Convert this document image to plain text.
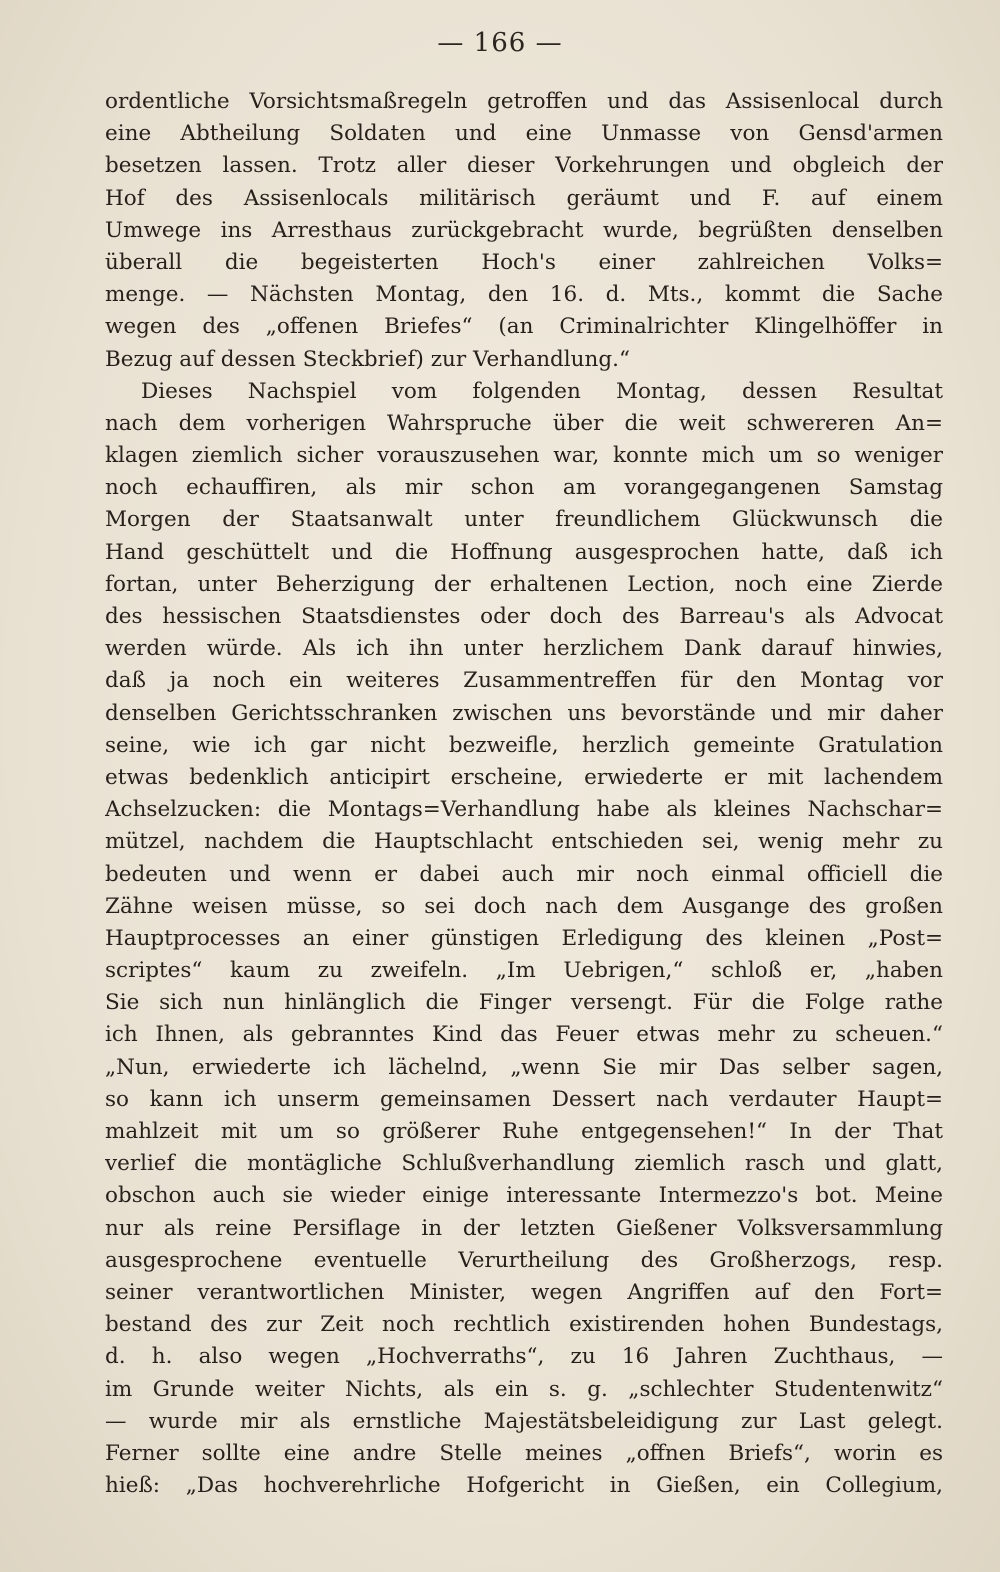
— 166 —
ordentliche Vorsichtsmaßregeln getroffen und das Assisenlocal durch
eine Abtheilung Soldaten und eine Unmasse von Gensd'armen
besetzen lassen. Trotz aller dieser Vorkehrungen und obgleich der
Hof des Assisenlocals militärisch geräumt und F. auf einem
Umwege ins Arresthaus zurückgebracht wurde, begrüßten denselben
überall die begeisterten Hoch's einer zahlreichen Volks=
menge. — Nächsten Montag, den 16. d. Mts., kommt die Sache
wegen des „offenen Briefes“ (an Criminalrichter Klingelhöffer in
Bezug auf dessen Steckbrief) zur Verhandlung.“
Dieses Nachspiel vom folgenden Montag, dessen Resultat
nach dem vorherigen Wahrspruche über die weit schwereren An=
klagen ziemlich sicher vorauszusehen war, konnte mich um so weniger
noch echauffiren, als mir schon am vorangegangenen Samstag
Morgen der Staatsanwalt unter freundlichem Glückwunsch die
Hand geschüttelt und die Hoffnung ausgesprochen hatte, daß ich
fortan, unter Beherzigung der erhaltenen Lection, noch eine Zierde
des hessischen Staatsdienstes oder doch des Barreau's als Advocat
werden würde. Als ich ihn unter herzlichem Dank darauf hinwies,
daß ja noch ein weiteres Zusammentreffen für den Montag vor
denselben Gerichtsschranken zwischen uns bevorstände und mir daher
seine, wie ich gar nicht bezweifle, herzlich gemeinte Gratulation
etwas bedenklich anticipirt erscheine, erwiederte er mit lachendem
Achselzucken: die Montags=Verhandlung habe als kleines Nachschar=
mützel, nachdem die Hauptschlacht entschieden sei, wenig mehr zu
bedeuten und wenn er dabei auch mir noch einmal officiell die
Zähne weisen müsse, so sei doch nach dem Ausgange des großen
Hauptprocesses an einer günstigen Erledigung des kleinen „Post=
scriptes“ kaum zu zweifeln. „Im Uebrigen,“ schloß er, „haben
Sie sich nun hinlänglich die Finger versengt. Für die Folge rathe
ich Ihnen, als gebranntes Kind das Feuer etwas mehr zu scheuen.“
„Nun, erwiederte ich lächelnd, „wenn Sie mir Das selber sagen,
so kann ich unserm gemeinsamen Dessert nach verdauter Haupt=
mahlzeit mit um so größerer Ruhe entgegensehen!“ In der That
verlief die montägliche Schlußverhandlung ziemlich rasch und glatt,
obschon auch sie wieder einige interessante Intermezzo's bot. Meine
nur als reine Persiflage in der letzten Gießener Volksversammlung
ausgesprochene eventuelle Verurtheilung des Großherzogs, resp.
seiner verantwortlichen Minister, wegen Angriffen auf den Fort=
bestand des zur Zeit noch rechtlich existirenden hohen Bundestags,
d. h. also wegen „Hochverraths“, zu 16 Jahren Zuchthaus, —
im Grunde weiter Nichts, als ein s. g. „schlechter Studentenwitz“
— wurde mir als ernstliche Majestätsbeleidigung zur Last gelegt.
Ferner sollte eine andre Stelle meines „offnen Briefs“, worin es
hieß: „Das hochverehrliche Hofgericht in Gießen, ein Collegium,
